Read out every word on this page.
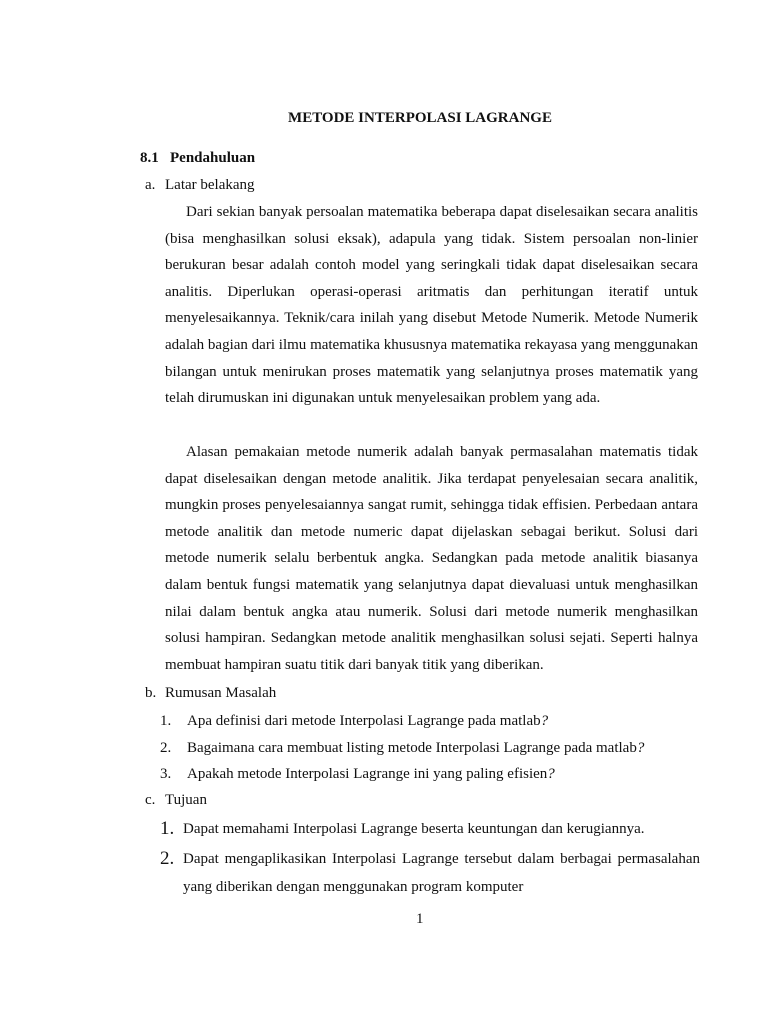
METODE INTERPOLASI LAGRANGE
8.1 Pendahuluan
a. Latar belakang

Dari sekian banyak persoalan matematika beberapa dapat diselesaikan secara analitis (bisa menghasilkan solusi eksak), adapula yang tidak. Sistem persoalan non-linier berukuran besar adalah contoh model yang seringkali tidak dapat diselesaikan secara analitis. Diperlukan operasi-operasi aritmatis dan perhitungan iteratif untuk menyelesaikannya. Teknik/cara inilah yang disebut Metode Numerik. Metode Numerik adalah bagian dari ilmu matematika khususnya matematika rekayasa yang menggunakan bilangan untuk menirukan proses matematik yang selanjutnya proses matematik yang telah dirumuskan ini digunakan untuk menyelesaikan problem yang ada.

Alasan pemakaian metode numerik adalah banyak permasalahan matematis tidak dapat diselesaikan dengan metode analitik. Jika terdapat penyelesaian secara analitik, mungkin proses penyelesaiannya sangat rumit, sehingga tidak effisien. Perbedaan antara metode analitik dan metode numeric dapat dijelaskan sebagai berikut. Solusi dari metode numerik selalu berbentuk angka. Sedangkan pada metode analitik biasanya dalam bentuk fungsi matematik yang selanjutnya dapat dievaluasi untuk menghasilkan nilai dalam bentuk angka atau numerik. Solusi dari metode numerik menghasilkan solusi hampiran. Sedangkan metode analitik menghasilkan solusi sejati. Seperti halnya membuat hampiran suatu titik dari banyak titik yang diberikan.

b. Rumusan Masalah
1. Apa definisi dari metode Interpolasi Lagrange pada matlab?
2. Bagaimana cara membuat listing metode Interpolasi Lagrange pada matlab?
3. Apakah metode Interpolasi Lagrange ini yang paling efisien?
c. Tujuan
1. Dapat memahami Interpolasi Lagrange beserta keuntungan dan kerugiannya.
2. Dapat mengaplikasikan Interpolasi Lagrange tersebut dalam berbagai permasalahan yang diberikan dengan menggunakan program komputer
1
